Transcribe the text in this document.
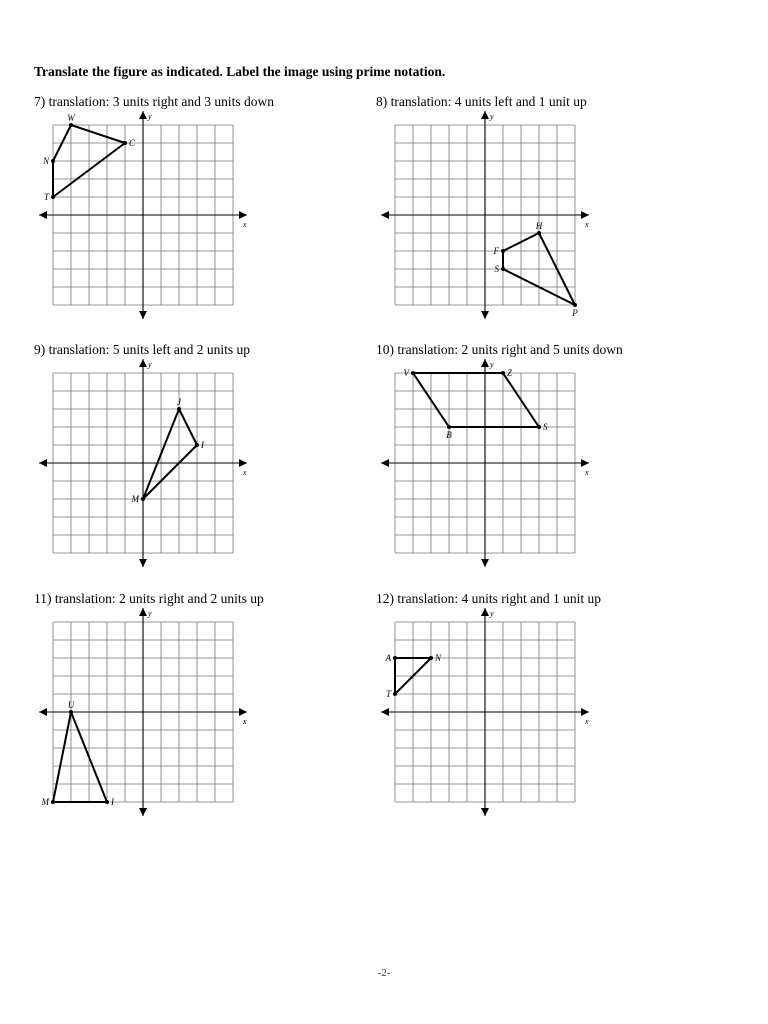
Translate the figure as indicated. Label the image using prime notation.
7) translation: 3 units right and 3 units down	8) translation: 4 units left and 1 unit up
9) translation: 5 units left and 2 units up	10) translation: 2 units right and 5 units down
11) translation: 2 units right and 2 units up	12) translation: 4 units right and 1 unit up
x
y
W
C
T
N
x
y
F
H
P
S
x
y
J
I
M
x
y
V	Z
S
B
x
y
U
I
M
x
y
A	N
T
-2-
